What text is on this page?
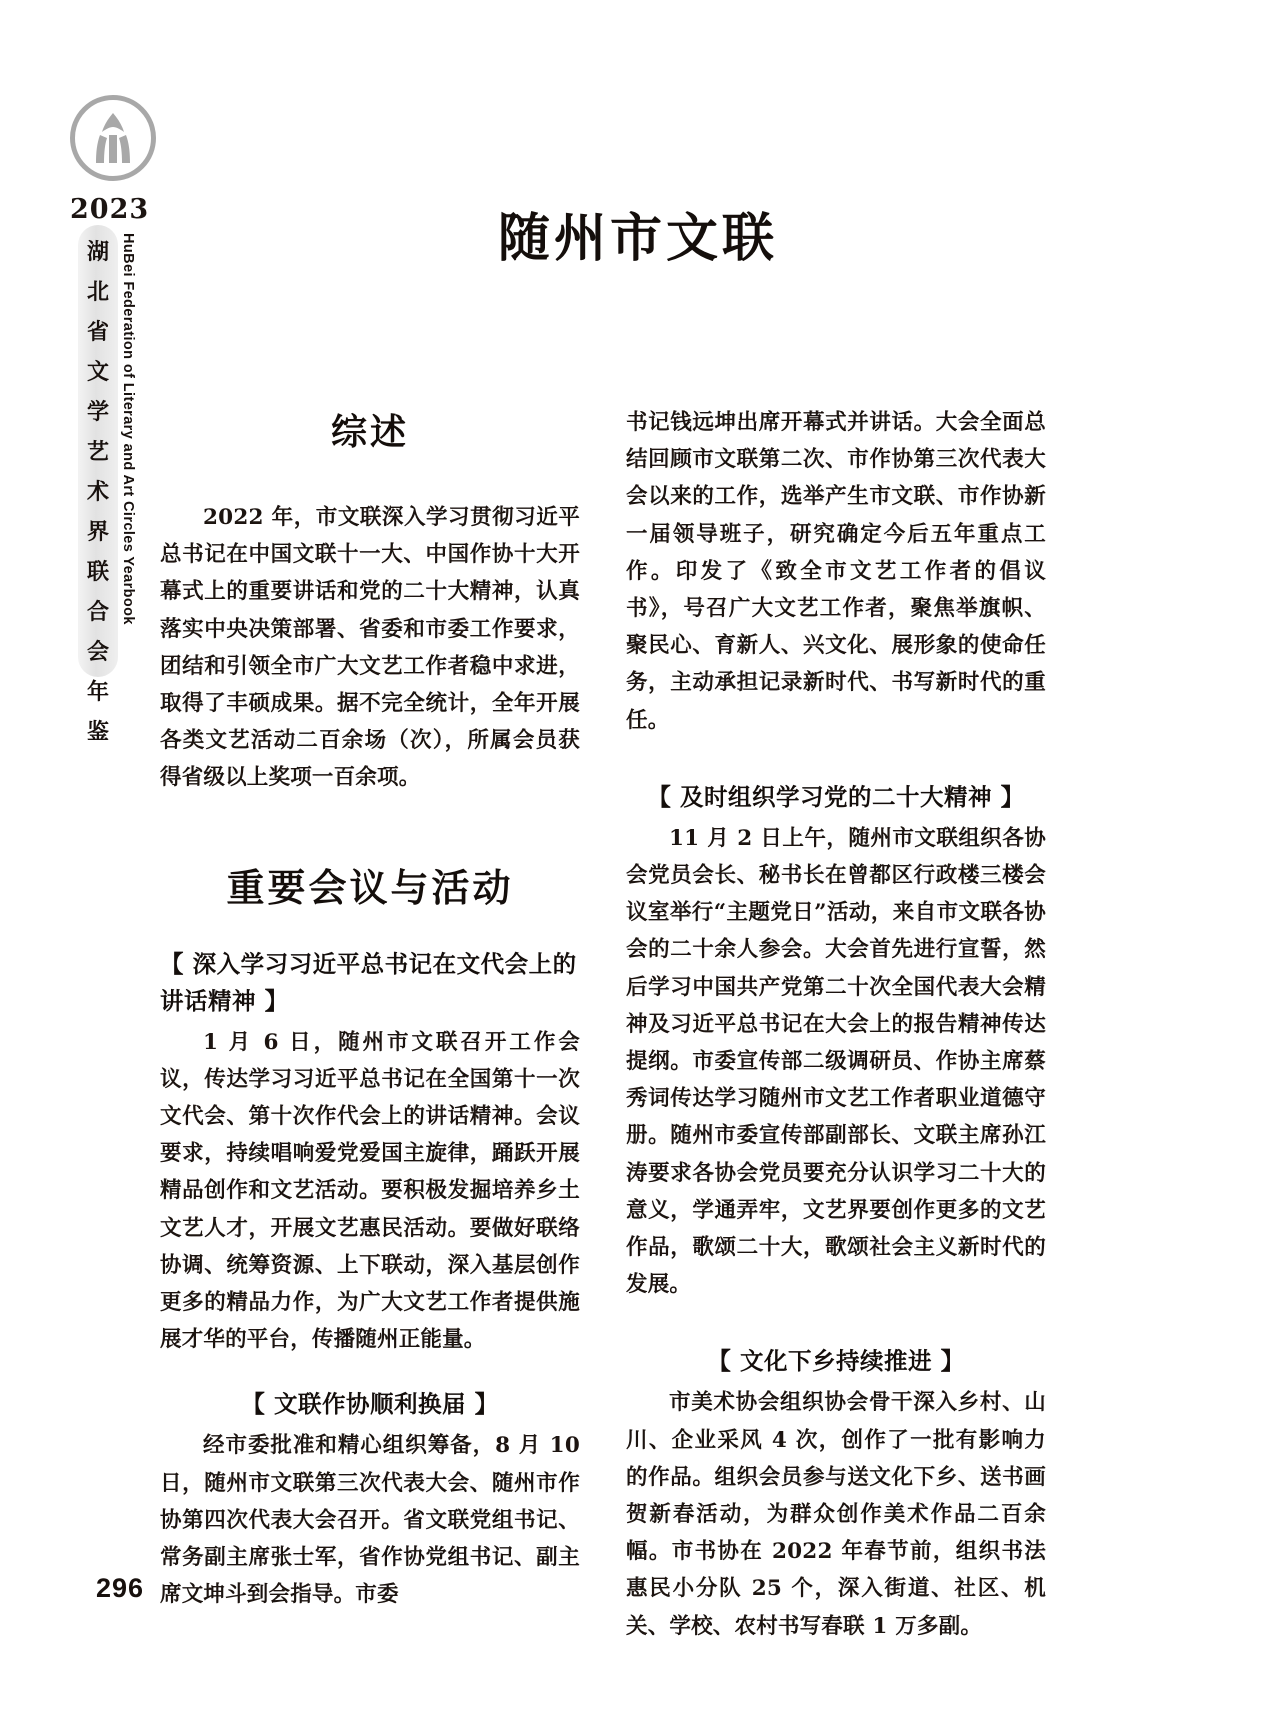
2023
湖
北
省
文
学
艺
术
界
联
合
会
年
鉴
HuBei Federation of Literary and Art Circles Yearbook	随州市文联
综述

2022 年，市文联深入学习贯彻习近平总书记在中国文联十一大、中国作协十大开幕式上的重要讲话和党的二十大精神，认真落实中央决策部署、省委和市委工作要求，团结和引领全市广大文艺工作者稳中求进，取得了丰硕成果。据不完全统计，全年开展各类文艺活动二百余场（次），所属会员获得省级以上奖项一百余项。

重要会议与活动
【 深入学习习近平总书记在文代会上的讲话精神 】

1 月 6 日，随州市文联召开工作会议，传达学习习近平总书记在全国第十一次文代会、第十次作代会上的讲话精神。会议要求，持续唱响爱党爱国主旋律，踊跃开展精品创作和文艺活动。要积极发掘培养乡土文艺人才，开展文艺惠民活动。要做好联络协调、统筹资源、上下联动，深入基层创作更多的精品力作，为广大文艺工作者提供施展才华的平台，传播随州正能量。

【 文联作协顺利换届 】

经市委批准和精心组织筹备，8 月 10 日，随州市文联第三次代表大会、随州市作协第四次代表大会召开。省文联党组书记、常务副主席张士军，省作协党组书记、副主席文坤斗到会指导。市委

书记钱远坤出席开幕式并讲话。大会全面总结回顾市文联第二次、市作协第三次代表大会以来的工作，选举产生市文联、市作协新一届领导班子，研究确定今后五年重点工作。印发了《致全市文艺工作者的倡议书》，号召广大文艺工作者，聚焦举旗帜、聚民心、育新人、兴文化、展形象的使命任务，主动承担记录新时代、书写新时代的重任。

【 及时组织学习党的二十大精神 】

11 月 2 日上午，随州市文联组织各协会党员会长、秘书长在曾都区行政楼三楼会议室举行“主题党日”活动，来自市文联各协会的二十余人参会。大会首先进行宣誓，然后学习中国共产党第二十次全国代表大会精神及习近平总书记在大会上的报告精神传达提纲。市委宣传部二级调研员、作协主席蔡秀词传达学习随州市文艺工作者职业道德守册。随州市委宣传部副部长、文联主席孙江涛要求各协会党员要充分认识学习二十大的意义，学通弄牢，文艺界要创作更多的文艺作品，歌颂二十大，歌颂社会主义新时代的发展。

【 文化下乡持续推进 】

市美术协会组织协会骨干深入乡村、山川、企业采风 4 次，创作了一批有影响力的作品。组织会员参与送文化下乡、送书画贺新春活动，为群众创作美术作品二百余幅。市书协在 2022 年春节前，组织书法惠民小分队 25 个，深入街道、社区、机关、学校、农村书写春联 1 万多副。

296
